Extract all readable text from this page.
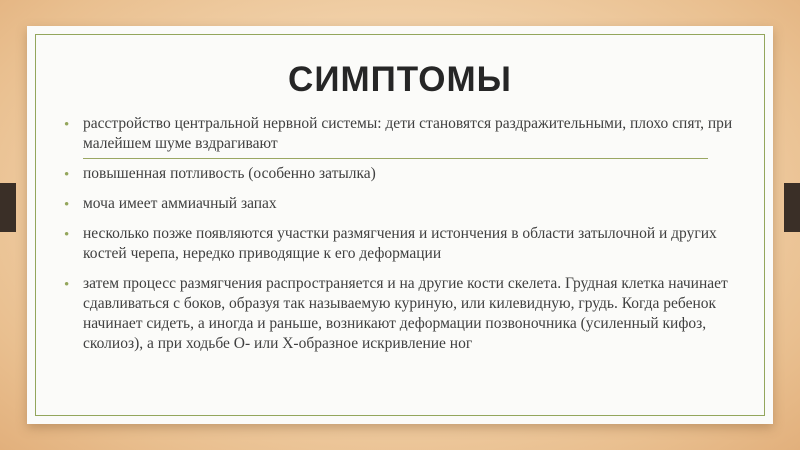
СИМПТОМЫ
• расстройство центральной нервной системы: дети становятся раздражительными, плохо спят, при малейшем шуме вздрагивают
• повышенная потливость (особенно затылка)
• моча имеет аммиачный запах
• несколько позже появляются участки размягчения и истончения в области затылочной и других костей черепа, нередко приводящие к его деформации
• затем процесс размягчения распространяется и на другие кости скелета. Грудная клетка начинает сдавливаться с боков, образуя так называемую куриную, или килевидную, грудь. Когда ребенок начинает сидеть, а иногда и раньше, возникают деформации позвоночника (усиленный кифоз, сколиоз), а при ходьбе О- или Х-образное искривление ног
